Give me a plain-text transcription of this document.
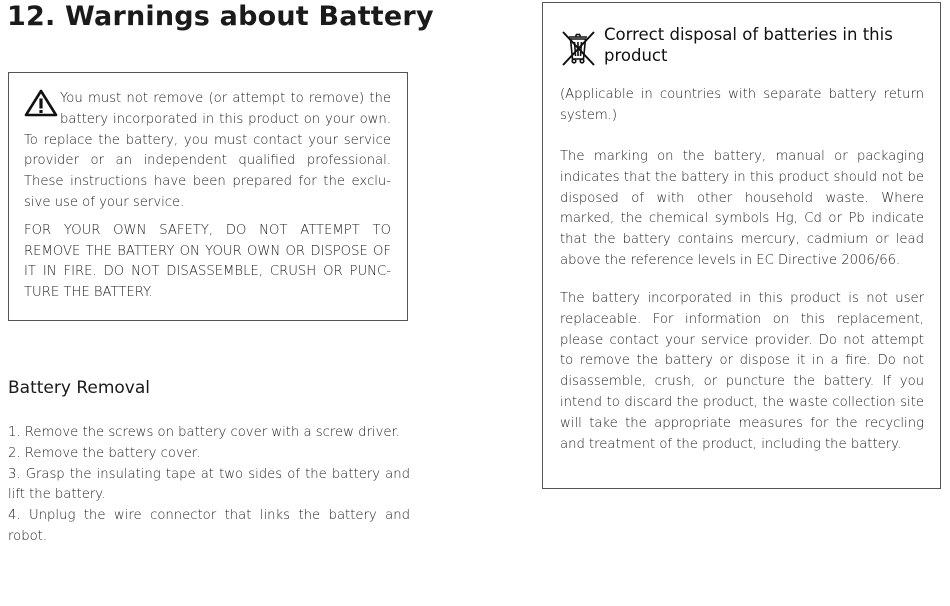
12. Warnings about Battery

You must not remove (or attempt to remove) the battery incorporated in this product on your own. To replace the battery, you must contact your service provider or an independent qualified professional. These instructions have been prepared for the exclu-sive use of your service.

FOR YOUR OWN SAFETY, DO NOT ATTEMPT TO REMOVE THE BATTERY ON YOUR OWN OR DISPOSE OF IT IN FIRE. DO NOT DISASSEMBLE, CRUSH OR PUNC-TURE THE BATTERY.

Battery Removal
1. Remove the screws on battery cover with a screw driver.
2. Remove the battery cover.
3. Grasp the insulating tape at two sides of the battery and lift the battery.
4. Unplug the wire connector that links the battery and robot.
Correct disposal of batteries in this product

(Applicable in countries with separate battery return system.)

The marking on the battery, manual or packaging indicates that the battery in this product should not be disposed of with other household waste. Where marked, the chemical symbols Hg, Cd or Pb indicate that the battery contains mercury, cadmium or lead above the reference levels in EC Directive 2006/66.

The battery incorporated in this product is not user replaceable. For information on this replacement, please contact your service provider. Do not attempt to remove the battery or dispose it in a fire. Do not disassemble, crush, or puncture the battery. If you intend to discard the product, the waste collection site will take the appropriate measures for the recycling and treatment of the product, including the battery.
